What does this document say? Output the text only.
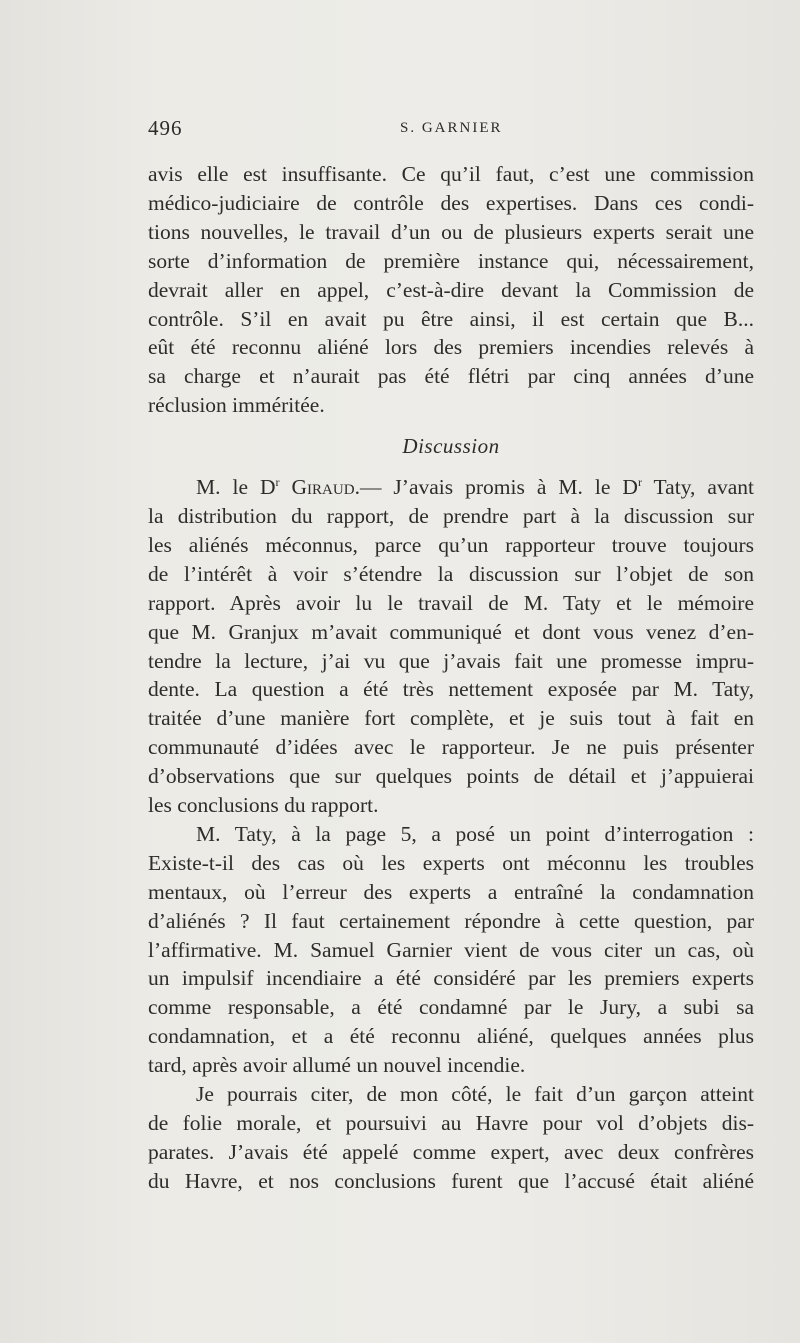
496	S. GARNIER
avis elle est insuffisante. Ce qu’il faut, c’est une commission
médico-judiciaire de contrôle des expertises. Dans ces condi-
tions nouvelles, le travail d’un ou de plusieurs experts serait une
sorte d’information de première instance qui, nécessairement,
devrait aller en appel, c’est-à-dire devant la Commission de
contrôle. S’il en avait pu être ainsi, il est certain que B...
eût été reconnu aliéné lors des premiers incendies relevés à
sa charge et n’aurait pas été flétri par cinq années d’une
réclusion imméritée.

Discussion

M. le $D^r$ Giraud.— J’avais promis à M. le $D^r$ Taty, avant
la distribution du rapport, de prendre part à la discussion sur
les aliénés méconnus, parce qu’un rapporteur trouve toujours
de l’intérêt à voir s’étendre la discussion sur l’objet de son
rapport. Après avoir lu le travail de M. Taty et le mémoire
que M. Granjux m’avait communiqué et dont vous venez d’en-
tendre la lecture, j’ai vu que j’avais fait une promesse impru-
dente. La question a été très nettement exposée par M. Taty,
traitée d’une manière fort complète, et je suis tout à fait en
communauté d’idées avec le rapporteur. Je ne puis présenter
d’observations que sur quelques points de détail et j’appuierai
les conclusions du rapport.
M. Taty, à la page 5, a posé un point d’interrogation :
Existe-t-il des cas où les experts ont méconnu les troubles
mentaux, où l’erreur des experts a entraîné la condamnation
d’aliénés ? Il faut certainement répondre à cette question, par
l’affirmative. M. Samuel Garnier vient de vous citer un cas, où
un impulsif incendiaire a été considéré par les premiers experts
comme responsable, a été condamné par le Jury, a subi sa
condamnation, et a été reconnu aliéné, quelques années plus
tard, après avoir allumé un nouvel incendie.
Je pourrais citer, de mon côté, le fait d’un garçon atteint
de folie morale, et poursuivi au Havre pour vol d’objets dis-
parates. J’avais été appelé comme expert, avec deux confrères
du Havre, et nos conclusions furent que l’accusé était aliéné
